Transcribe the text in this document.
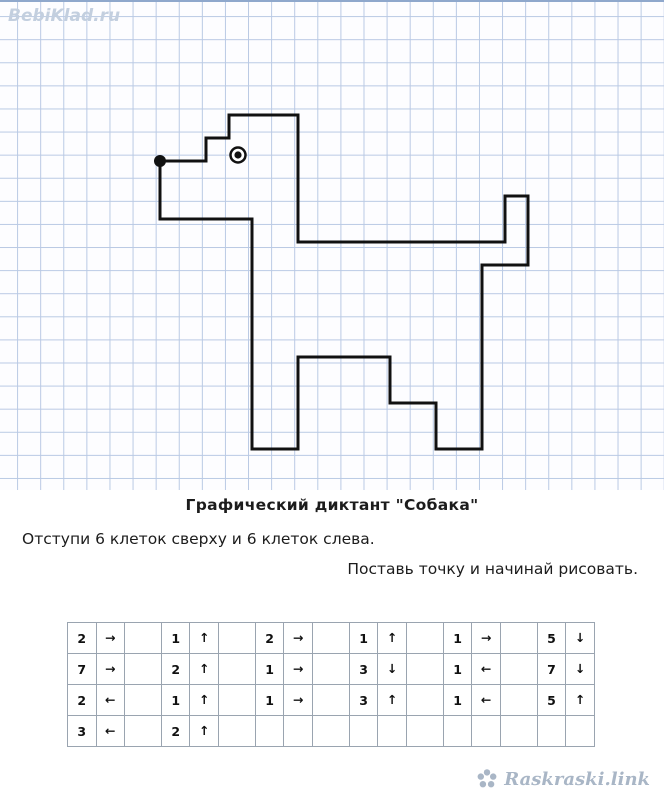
BebiKlad.ru
Графический диктант "Собака"
Отступи 6 клеток сверху и 6 клеток слева.
Поставь точку и начинай рисовать.
2	→		1	↑		2	→		1	↑		1	→		5	↓
7	→		2	↑		1	→		3	↓		1	←		7	↓
2	←		1	↑		1	→		3	↑		1	←		5	↑
3	←		2	↑												
Raskraski.link
